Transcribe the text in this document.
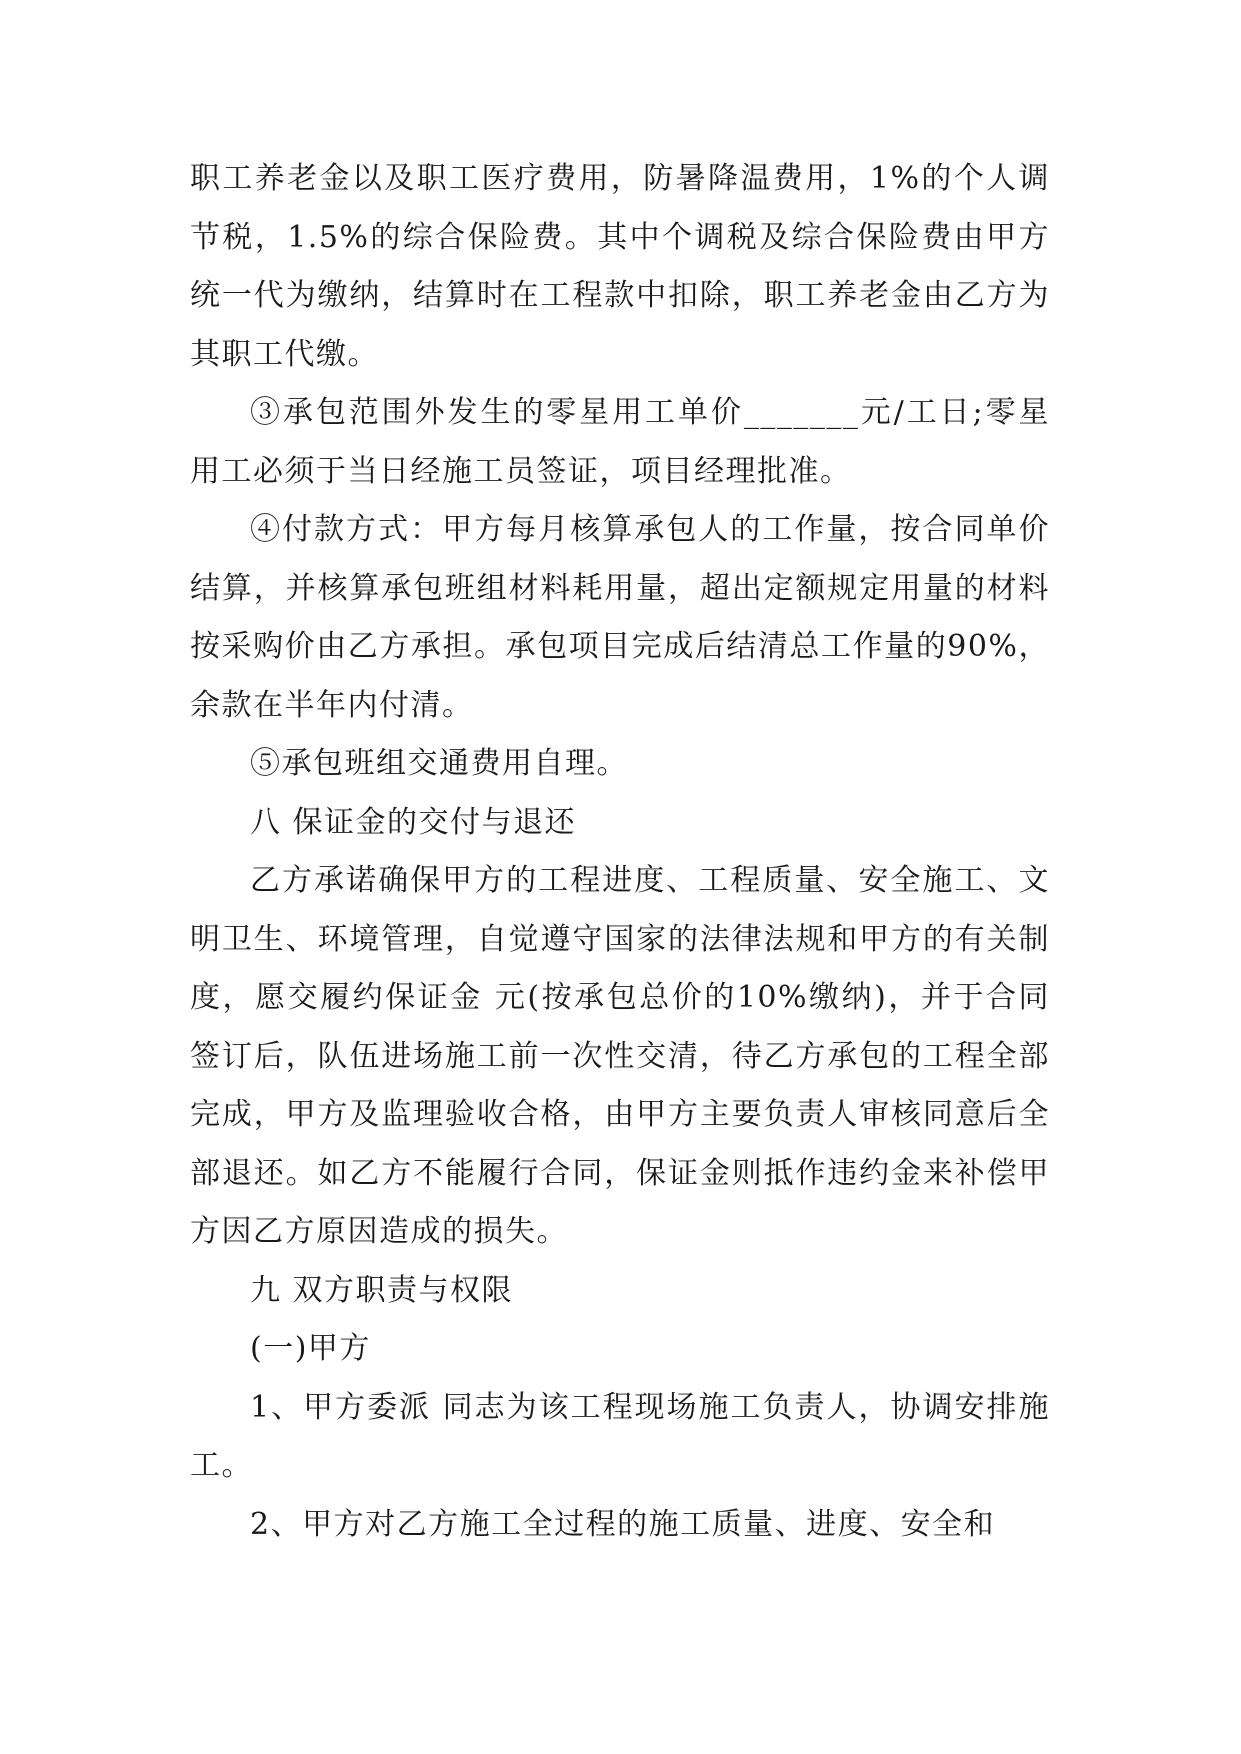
职工养老金以及职工医疗费用，防暑降温费用，1%的个人调节税，1.5%的综合保险费。其中个调税及综合保险费由甲方统一代为缴纳，结算时在工程款中扣除，职工养老金由乙方为其职工代缴。

③承包范围外发生的零星用工单价_______元/工日;零星用工必须于当日经施工员签证，项目经理批准。

④付款方式：甲方每月核算承包人的工作量，按合同单价结算，并核算承包班组材料耗用量，超出定额规定用量的材料按采购价由乙方承担。承包项目完成后结清总工作量的90%，余款在半年内付清。

⑤承包班组交通费用自理。

八 保证金的交付与退还

乙方承诺确保甲方的工程进度、工程质量、安全施工、文明卫生、环境管理，自觉遵守国家的法律法规和甲方的有关制度，愿交履约保证金 元(按承包总价的10%缴纳)，并于合同签订后，队伍进场施工前一次性交清，待乙方承包的工程全部完成，甲方及监理验收合格，由甲方主要负责人审核同意后全部退还。如乙方不能履行合同，保证金则抵作违约金来补偿甲方因乙方原因造成的损失。

九 双方职责与权限

(一)甲方

1、甲方委派 同志为该工程现场施工负责人，协调安排施工。

2、甲方对乙方施工全过程的施工质量、进度、安全和
